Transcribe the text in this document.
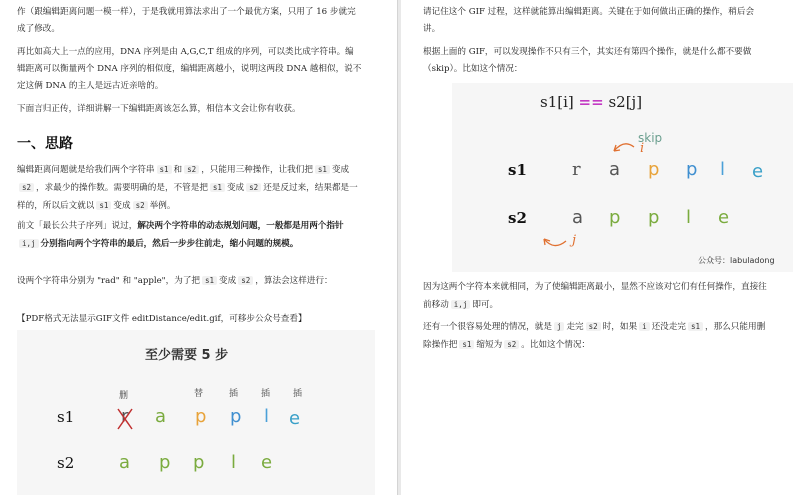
作（跟编辑距离问题一模一样），于是我就用算法求出了一个最优方案，只用了 16 步就完成了修改。

再比如高大上一点的应用，DNA 序列是由 A,G,C,T 组成的序列，可以类比成字符串。编辑距离可以衡量两个 DNA 序列的相似度，编辑距离越小，说明这两段 DNA 越相似，说不定这俩 DNA 的主人是远古近亲啥的。

下面言归正传，详细讲解一下编辑距离该怎么算，相信本文会让你有收获。

一、思路

编辑距离问题就是给我们两个字符串 s1 和 s2 ，只能用三种操作，让我们把 s1 变成s2 ，求最少的操作数。需要明确的是，不管是把 s1 变成 s2 还是反过来，结果都是一样的，所以后文就以 s1 变成 s2 举例。

前文「最长公共子序列」说过，解决两个字符串的动态规划问题，一般都是用两个指针i,j 分别指向两个字符串的最后，然后一步步往前走，缩小问题的规模。

设两个字符串分别为 "rad" 和 "apple"，为了把 s1 变成 s2 ，算法会这样进行：

【PDF格式无法显示GIF文件 editDistance/edit.gif，可移步公众号查看】

至少需要 5 步
删	替	插	插	插
s1
s2
r a p p l e
a p p l e

请记住这个 GIF 过程，这样就能算出编辑距离。关键在于如何做出正确的操作，稍后会讲。

根据上面的 GIF，可以发现操作不只有三个，其实还有第四个操作，就是什么都不要做（skip）。比如这个情况：

s1[i] == s2[j]
skip
i
s1
s2
r a p p l e
a p p l e
j
公众号：labuladong

因为这两个字符本来就相同，为了使编辑距离最小，显然不应该对它们有任何操作，直接往前移动 i,j 即可。

还有一个很容易处理的情况，就是 j 走完 s2 时，如果 i 还没走完 s1 ，那么只能用删除操作把 s1 缩短为 s2 。比如这个情况：
